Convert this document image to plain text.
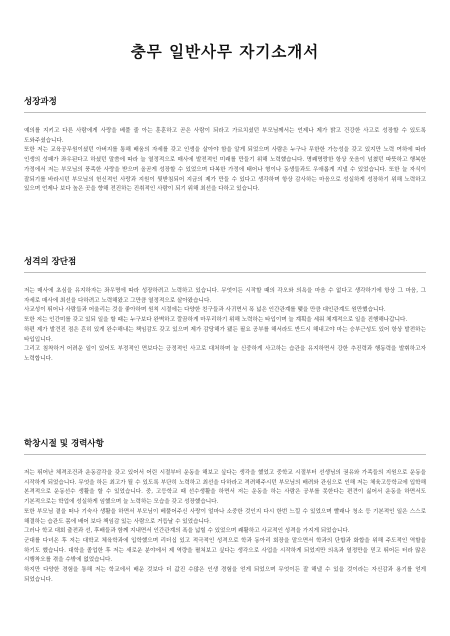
충무 일반사무 자기소개서
성장과정

예의를 지키고 다른 사람에게 사랑을 베풀 줄 아는 훈훈하고 곧은 사람이 되라고 가르치셨던 부모님께서는 언제나 제가 밝고 건강한 사고로 성장할 수 있도록 도와주셨습니다.

또한 저는 교육공무원이셨던 아버지를 통해 배움의 자세를 갖고 인생을 살아야 함을 알게 되었으며 사람은 누구나 무한한 가능성을 갖고 있지만 노력 여하에 따라 인생의 성패가 좌우된다고 하셨던 말씀에 따라 늘 열정적으로 매사에 발전적인 미래를 만들기 위해 노력했습니다. 명쾌명랑한 항상 웃음이 넘쳤던 따뜻하고 행복한 가정에서 저는 부모님의 풍족한 사랑을 받으며 올곧게 성장할 수 있었으며 다복한 가정에 태어나 형이나 동생들과도 우애롭게 지낼 수 있었습니다. 또한 늘 자식이 잘되기를 바라시던 부모님의 헌신적인 사랑과 지원이 뒷받침되어 지금의 제가 만들 수 있다고 생각하며 항상 감사하는 마음으로 성실하게 성장하기 위해 노력하고 있으며 언제나 보다 높은 곳을 향해 전진하는 진취적인 사람이 되기 위해 최선을 다하고 있습니다.

성격의 장단점

저는 매사에 초심을 유지하자는 좌우명에 따라 성장하려고 노력하고 있습니다. 무엇이든 시작할 때의 각오와 의욕을 마음 수 없다고 생각하기에 항상 그 마음, 그 자세로 매사에 최선을 다하려고 노력해왔고 그만큼 열정적으로 살아왔습니다.

사교성이 뛰어나 사람들과 어울리는 것을 좋아하며 원칙 시절에는 다양한 친구들과 사귀면서 폭 넓은 인간관계를 맺을 만큼 대인관계도 원만했습니다.

또한 저는 인간미를 갖고 있되 일을 할 때는 누구보다 완벽하고 깔끔하게 마무리하기 위해 노력하는 타입이며 늘 계획을 세워 체계적으로 일을 진행해나갑니다.

하편 제가 발견진 점은 흔히 있게 완수해내는 책임감도 갖고 있으며 제가 감당해가 됐든 필요 공부를 해서라도 반드시 해내고야 마는 승부근성도 있어 항상 발전하는 타입입니다.

그리고 침착하거 어려운 일이 있어도 부정적인 면보다는 긍정적인 사고로 대처하며 늘 신중하게 사고하는 습관을 유지하면서 강한 추진력과 행동력을 발휘하고자 노력합니다.

학창시절 및 경력사항

저는 뛰어난 체격조건과 운동감각을 갖고 있어서 어린 시절부터 운동을 해보고 싶다는 생각을 했었고 중학교 시절부터 선생님의 권유와 가족들의 지원으로 운동을 시작하게 되었습니다. 무엇을 하든 최고가 될 수 있도록 부단히 노력하고 최선을 다하라고 격려해주시던 부모님의 배려와 관심으로 인해 저는 체육고등학교에 입학해 본격적으로 운동선수 생활을 할 수 있었습니다. 중, 고등학교 때 선수생활을 하면서 저는 운동을 하는 사람은 공부를 못한다는 편견이 싫어서 운동을 하면서도 기본적으로는 학업에 성실하게 임했으며 늘 노력하는 모습을 갖고 성장했습니다.

또한 부모님 곁을 떠나 기숙사 생활을 하면서 부모님이 베풀어주신 사랑이 얼마나 소중한 것인지 다시 한번 느낄 수 있었으며 빨래나 청소 등 기본적인 일은 스스로 해결하는 습관도 몸에 배어 보다 책임감 있는 사람으로 거듭날 수 있었습니다.

그러나 학교 대회 출전과 선, 후배들과 함께 지내면서 인간관계의 폭을 넓힐 수 있었으며 쾌활하고 사교적인 성격을 가지게 되었습니다.

군대를 다녀온 후 저는 대학교 체육학과에 입학했으며 리더십 있고 적극적인 성격으로 학과 동아리 회장을 맡으면서 학과의 단합과 화합을 위해 주도적인 역할을 하기도 했습니다. 대학을 졸업한 후 저는 새로운 분야에서 제 역량을 펼쳐보고 싶다는 생각으로 사업을 시작하게 되었지만 의욕과 열정만을 믿고 뛰어든 터라 많은 시행착오를 겪을 수밖에 없었습니다.

하지만 다양한 경험을 통해 저는 학교에서 배운 것보다 더 값진 수많은 인생 경험을 얻게 되었으며 무엇이든 잘 해낼 수 있을 것이라는 자신감과 용기를 얻게 되었습니다.
